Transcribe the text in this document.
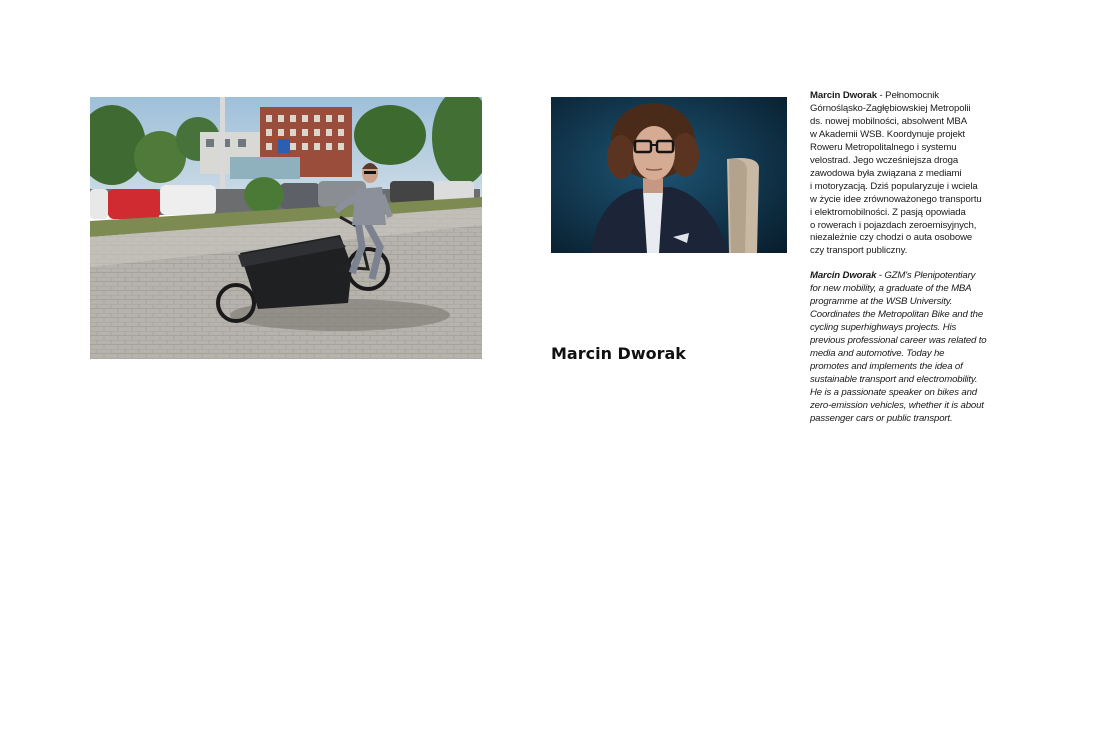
Marcin Dworak

Marcin Dworak - Pełnomocnik
Górnośląsko-Zagłębiowskiej Metropolii
ds. nowej mobilności, absolwent MBA
w Akademii WSB. Koordynuje projekt
Roweru Metropolitalnego i systemu
velostrad. Jego wcześniejsza droga
zawodowa była związana z mediami
i motoryzacją. Dziś popularyzuje i wciela
w życie idee zrównoważonego transportu
i elektromobilności. Z pasją opowiada
o rowerach i pojazdach zeroemisyjnych,
niezależnie czy chodzi o auta osobowe
czy transport publiczny.

Marcin Dworak - GZM's Plenipotentiary
for new mobility, a graduate of the MBA
programme at the WSB University.
Coordinates the Metropolitan Bike and the
cycling superhighways projects. His
previous professional career was related to
media and automotive. Today he
promotes and implements the idea of
sustainable transport and electromobility.
He is a passionate speaker on bikes and
zero-emission vehicles, whether it is about
passenger cars or public transport.
